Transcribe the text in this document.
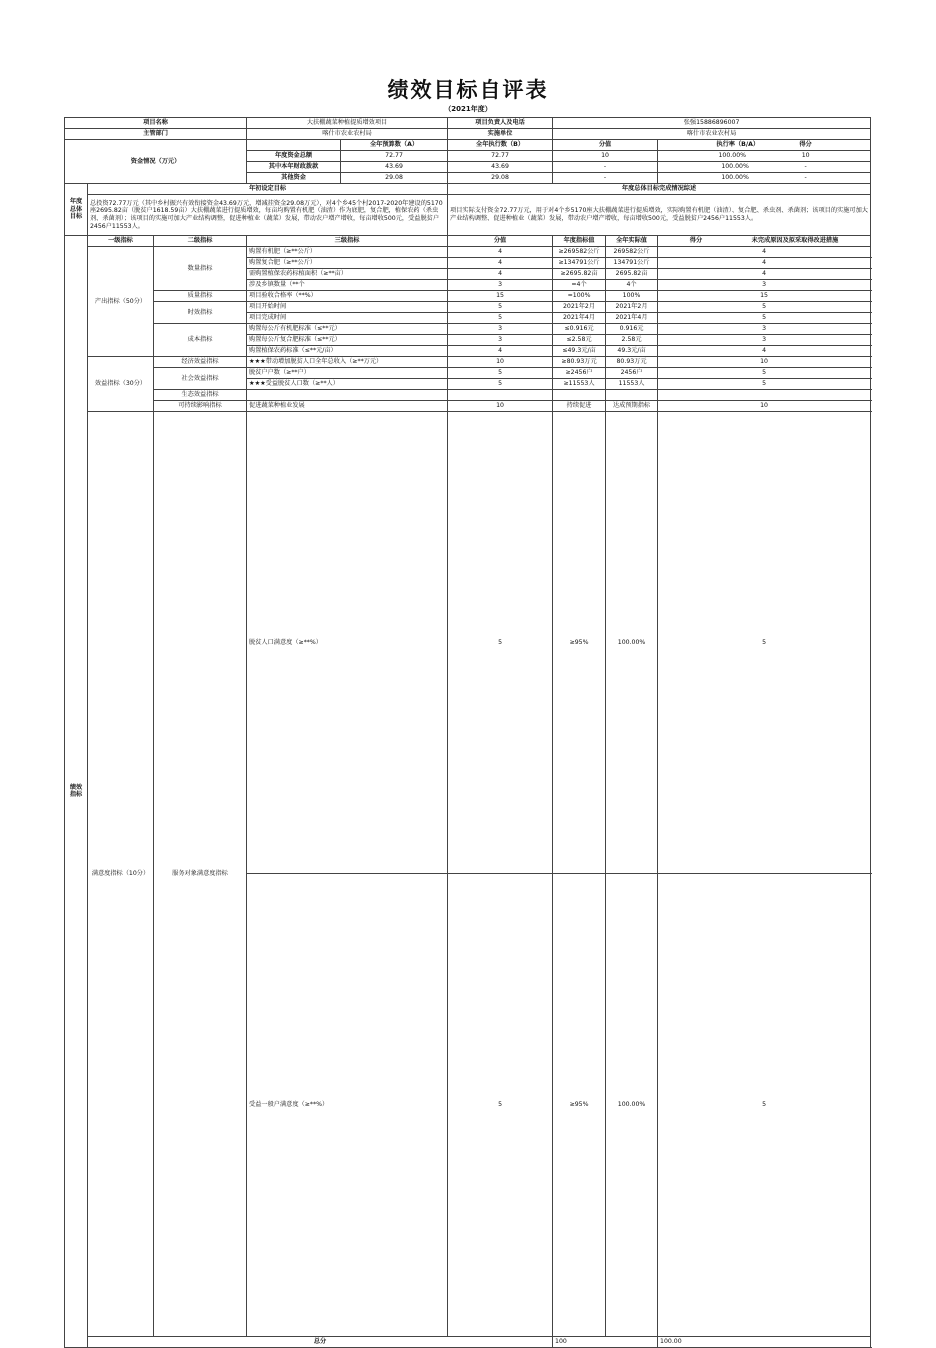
绩效目标自评表
（2021年度）
项目名称			大扶棚蔬菜种植提质增效项目		项目负责人及电话	张强15886896007			
主管部门			喀什市农业农村局		实施单位	喀什市农业农村局			
资金情况（万元）				全年预算数（A）	全年执行数（B）	分值		执行率（B/A）　　　　　　　 得分	
			年度资金总额	72.77	72.77	10		100.00%　　　　　　　　　 10	
			其中本年财政拨款	43.69	43.69	-		100.00%　　　　　　　　　 -	
			其他资金	29.08	29.08	-		100.00%　　　　　　　　　 -	
年度总体目标	年初设定目标				年度总体目标完成情况综述				
	总投资72.77万元（其中乡村振兴有效衔接资金43.69万元，增减挂资金29.08万元），对4个乡45个村2017-2020年建设的5170座2695.82亩（脱贫户1618.59亩）大扶棚蔬菜进行提质增效，每亩均购置有机肥（油渣）作为底肥，复合肥，植保农药（杀虫剂、杀菌剂）；该项目的实施可加大产业结构调整，促进种植业（蔬菜）发展，带动农户增产增收，每亩增收500元，受益脱贫户2456户11553人。				项目实际支付资金72.77万元，用于对4个乡5170座大扶棚蔬菜进行提质增效，实际购置有机肥（油渣）、复合肥、杀虫剂、杀菌剂；该项目的实施可加大产业结构调整、促进种植业（蔬菜）发展，带动农户增产增收，每亩增收500元，受益脱贫户2456户11553人。				
绩效指标	一级指标	二级指标	三级指标		分值	年度指标值	全年实际值	得分　　　　　　　　 未完成原因及拟采取得改进措施	
	产出指标（50分）	数量指标	购置有机肥（≥**公斤）		4	≥269582公斤	269582公斤	4	
			购置复合肥（≥**公斤）		4	≥134791公斤	134791公斤	4	
			需购置植保农药标植面积（≥**亩）		4	≥2695.82亩	2695.82亩	4	
			涉及乡镇数量（**个		3	=4个	4个	3	
		质量指标	项目验收合格率（**%）		15	=100%	100%	15	
		时效指标	项目开始时间		5	2021年2月	2021年2月	5	
			项目完成时间		5	2021年4月	2021年4月	5	
		成本指标	购置每公斤有机肥标准（≤**元）		3	≤0.916元	0.916元	3	
			购置每公斤复合肥标准（≤**元）		3	≤2.58元	2.58元	3	
			购置植保农药标准（≤**元/亩）		4	≤49.3元/亩	49.3元/亩	4	
	效益指标（30分）	经济效益指标	★★★带动增加脱贫人口全年总收入（≥**万元）		10	≥80.93万元	80.93万元	10	
		社会效益指标	脱贫户户数（≥**户）		5	≥2456户	2456户	5	
			★★★受益脱贫人口数（≥**人）		5	≥11553人	11553人	5	
		生态效益指标							
		可持续影响指标	促进蔬菜种植业发展		10	持续促进	达成预期指标	10	
	满意度指标（10分）	服务对象满意度指标	脱贫人口满意度（≥**%）		5	≥95%	100.00%	5	
			受益一般户满意度（≥**%）		5	≥95%	100.00%	5	
	总分					100		100.00	
